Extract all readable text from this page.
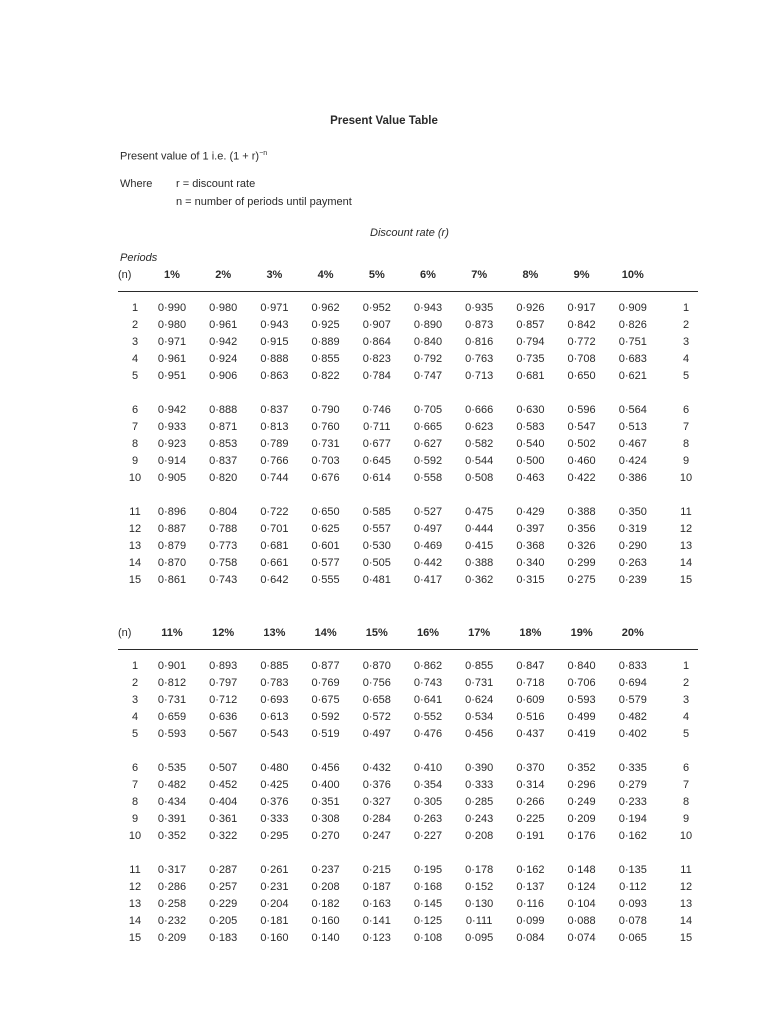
Present Value Table
Present value of 1 i.e. $(1 + r)^{-n}$
Where r = discount rate
n = number of periods until payment
Discount rate (r)
Periods
(n)	1%	2%	3%	4%	5%	6%	7%	8%	9%	10%
1	0·990	0·980	0·971	0·962	0·952	0·943	0·935	0·926	0·917	0·909	1
2	0·980	0·961	0·943	0·925	0·907	0·890	0·873	0·857	0·842	0·826	2
3	0·971	0·942	0·915	0·889	0·864	0·840	0·816	0·794	0·772	0·751	3
4	0·961	0·924	0·888	0·855	0·823	0·792	0·763	0·735	0·708	0·683	4
5	0·951	0·906	0·863	0·822	0·784	0·747	0·713	0·681	0·650	0·621	5
6	0·942	0·888	0·837	0·790	0·746	0·705	0·666	0·630	0·596	0·564	6
7	0·933	0·871	0·813	0·760	0·711	0·665	0·623	0·583	0·547	0·513	7
8	0·923	0·853	0·789	0·731	0·677	0·627	0·582	0·540	0·502	0·467	8
9	0·914	0·837	0·766	0·703	0·645	0·592	0·544	0·500	0·460	0·424	9
10	0·905	0·820	0·744	0·676	0·614	0·558	0·508	0·463	0·422	0·386	10
11	0·896	0·804	0·722	0·650	0·585	0·527	0·475	0·429	0·388	0·350	11
12	0·887	0·788	0·701	0·625	0·557	0·497	0·444	0·397	0·356	0·319	12
13	0·879	0·773	0·681	0·601	0·530	0·469	0·415	0·368	0·326	0·290	13
14	0·870	0·758	0·661	0·577	0·505	0·442	0·388	0·340	0·299	0·263	14
15	0·861	0·743	0·642	0·555	0·481	0·417	0·362	0·315	0·275	0·239	15
(n)	11%	12%	13%	14%	15%	16%	17%	18%	19%	20%
1	0·901	0·893	0·885	0·877	0·870	0·862	0·855	0·847	0·840	0·833	1
2	0·812	0·797	0·783	0·769	0·756	0·743	0·731	0·718	0·706	0·694	2
3	0·731	0·712	0·693	0·675	0·658	0·641	0·624	0·609	0·593	0·579	3
4	0·659	0·636	0·613	0·592	0·572	0·552	0·534	0·516	0·499	0·482	4
5	0·593	0·567	0·543	0·519	0·497	0·476	0·456	0·437	0·419	0·402	5
6	0·535	0·507	0·480	0·456	0·432	0·410	0·390	0·370	0·352	0·335	6
7	0·482	0·452	0·425	0·400	0·376	0·354	0·333	0·314	0·296	0·279	7
8	0·434	0·404	0·376	0·351	0·327	0·305	0·285	0·266	0·249	0·233	8
9	0·391	0·361	0·333	0·308	0·284	0·263	0·243	0·225	0·209	0·194	9
10	0·352	0·322	0·295	0·270	0·247	0·227	0·208	0·191	0·176	0·162	10
11	0·317	0·287	0·261	0·237	0·215	0·195	0·178	0·162	0·148	0·135	11
12	0·286	0·257	0·231	0·208	0·187	0·168	0·152	0·137	0·124	0·112	12
13	0·258	0·229	0·204	0·182	0·163	0·145	0·130	0·116	0·104	0·093	13
14	0·232	0·205	0·181	0·160	0·141	0·125	0·111	0·099	0·088	0·078	14
15	0·209	0·183	0·160	0·140	0·123	0·108	0·095	0·084	0·074	0·065	15
